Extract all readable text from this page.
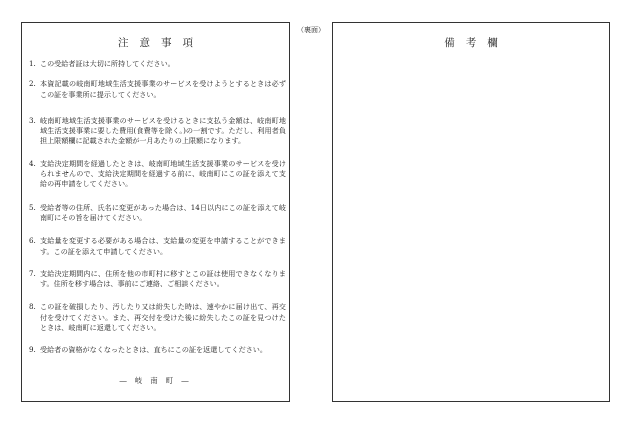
注意事項
1. この受給者証は大切に所持してください。
2. 本資記載の岐南町地域生活支援事業のサービスを受けようとするときは必ずこの証を事業所に提示してください。
3. 岐南町地域生活支援事業のサービスを受けるときに支払う金額は、岐南町地域生活支援事業に要した費用(食費等を除く。)の一割です。ただし、利用者負担上限額欄に記載された金額が一月あたりの上限額になります。
4. 支給決定期間を経過したときは、岐南町地域生活支援事業のサービスを受けられませんので、支給決定期間を経過する前に、岐南町にこの証を添えて支給の再申請をしてください。
5. 受給者等の住所、氏名に変更があった場合は、14日以内にこの証を添えて岐南町にその旨を届けてください。
6. 支給量を変更する必要がある場合は、支給量の変更を申請することができます。この証を添えて申請してください。
7. 支給決定期間内に、住所を他の市町村に移すとこの証は使用できなくなります。住所を移す場合は、事前にご連絡、ご相談ください。
8. この証を破損したり、汚したり又は紛失した時は、速やかに届け出て、再交付を受けてください。また、再交付を受けた後に紛失したこの証を見つけたときは、岐南町に返還してください。
9. 受給者の資格がなくなったときは、直ちにこの証を返還してください。
― 岐 南 町 ―
（裏面）
備考欄
